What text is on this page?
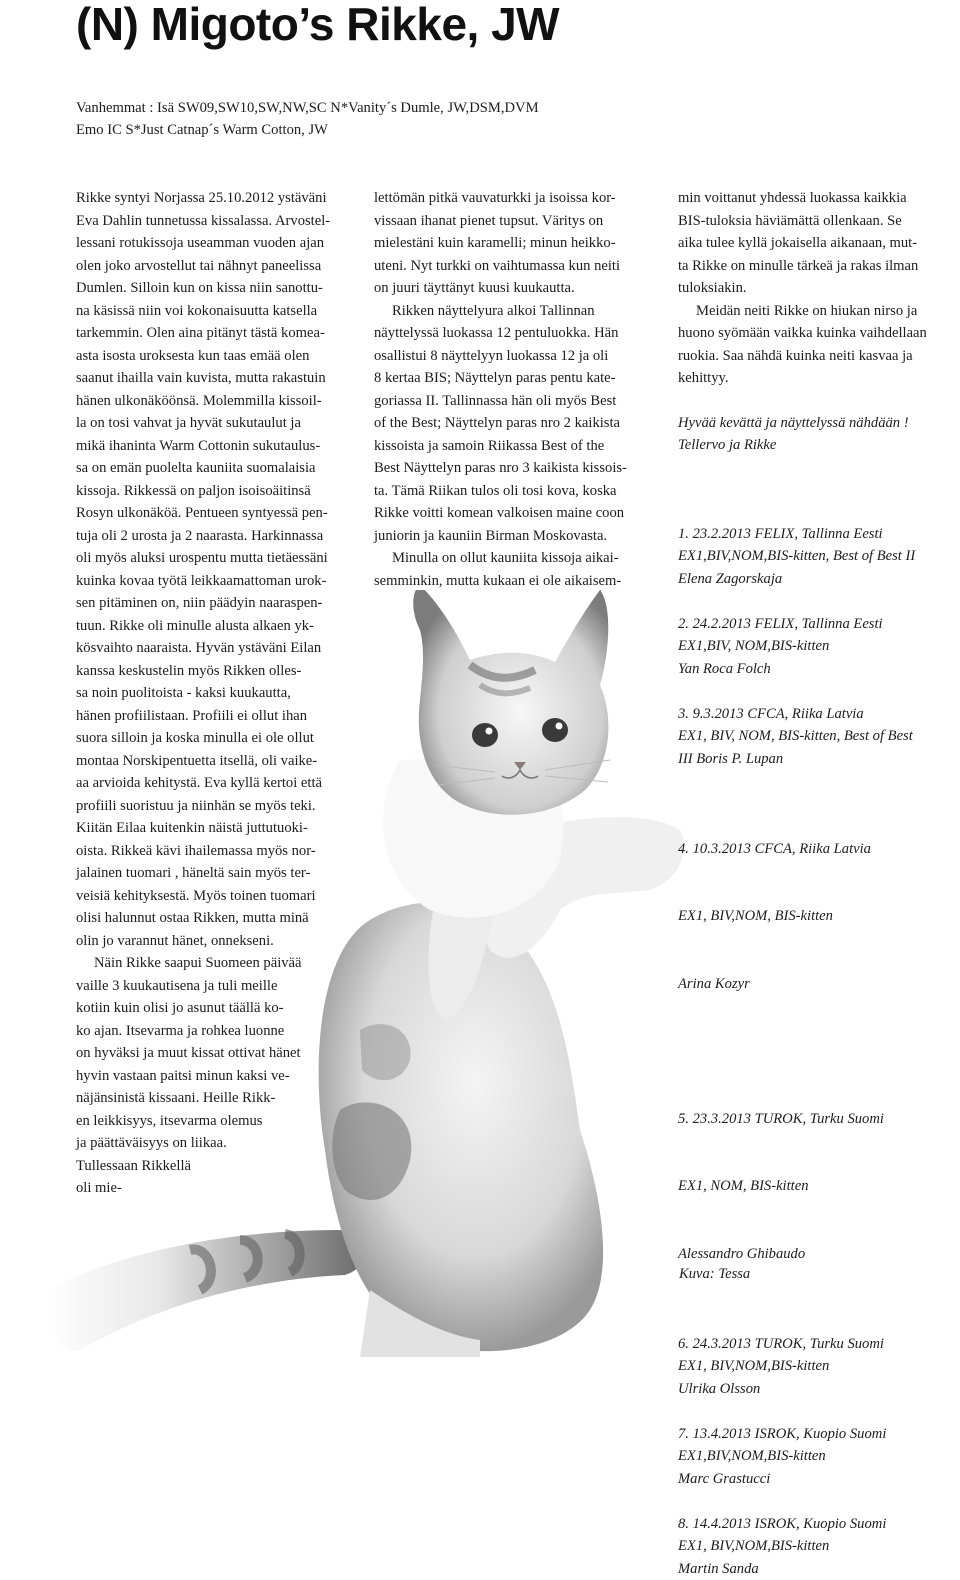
(N) Migoto’s Rikke, JW
Vanhemmat : Isä SW09,SW10,SW,NW,SC N*Vanity´s Dumle, JW,DSM,DVM
Emo IC S*Just Catnap´s Warm Cotton, JW

Rikke syntyi Norjassa 25.10.2012 ystäväni

Eva Dahlin tunnetussa kissalassa. Arvostel-

lessani rotukissoja useamman vuoden ajan

olen joko arvostellut tai nähnyt paneelissa

Dumlen. Silloin kun on kissa niin sanottu-

na käsissä niin voi kokonaisuutta katsella

tarkemmin. Olen aina pitänyt tästä komea-

asta isosta uroksesta kun taas emää olen

saanut ihailla vain kuvista, mutta rakastuin

hänen ulkonäköönsä. Molemmilla kissoil-

la on tosi vahvat ja hyvät sukutaulut ja

mikä ihaninta Warm Cottonin sukutaulus-

sa on emän puolelta kauniita suomalaisia

kissoja. Rikkessä on paljon isoisoäitinsä

Rosyn ulkonäköä. Pentueen syntyessä pen-

tuja oli 2 urosta ja 2 naarasta. Harkinnassa

oli myös aluksi urospentu mutta tietäessäni

kuinka kovaa työtä leikkaamattoman urok-

sen pitäminen on, niin päädyin naaraspen-

tuun. Rikke oli minulle alusta alkaen yk-

kösvaihto naaraista. Hyvän ystäväni Eilan

kanssa keskustelin myös Rikken olles-

sa noin puolitoista - kaksi kuukautta,

hänen profiilistaan. Profiili ei ollut ihan

suora silloin ja koska minulla ei ole ollut

montaa Norskipentuetta itsellä, oli vaike-

aa arvioida kehitystä. Eva kyllä kertoi että

profiili suoristuu ja niinhän se myös teki.

Kiitän Eilaa kuitenkin näistä juttutuoki-

oista. Rikkeä kävi ihailemassa myös nor-

jalainen tuomari , häneltä sain myös ter-

veisiä kehityksestä. Myös toinen tuomari

olisi halunnut ostaa Rikken, mutta minä

olin jo varannut hänet, onnekseni.

Näin Rikke saapui Suomeen päivää

vaille 3 kuukautisena ja tuli meille

kotiin kuin olisi jo asunut täällä ko-

ko ajan. Itsevarma ja rohkea luonne

on hyväksi ja muut kissat ottivat hänet

hyvin vastaan paitsi minun kaksi ve-

näjänsinistä kissaani. Heille Rikk-

en leikkisyys, itsevarma olemus

ja päättäväisyys on liikaa.

Tullessaan Rikkellä

oli mie-

lettömän pitkä vauvaturkki ja isoissa kor-

vissaan ihanat pienet tupsut. Väritys on

mielestäni kuin karamelli; minun heikko-

uteni. Nyt turkki on vaihtumassa kun neiti

on juuri täyttänyt kuusi kuukautta.

Rikken näyttelyura alkoi Tallinnan

näyttelyssä luokassa 12 pentuluokka. Hän

osallistui 8 näyttelyyn luokassa 12 ja oli

8 kertaa BIS; Näyttelyn paras pentu kate-

goriassa II. Tallinnassa hän oli myös Best

of the Best; Näyttelyn paras nro 2 kaikista

kissoista ja samoin Riikassa Best of the

Best Näyttelyn paras nro 3 kaikista kissois-

ta. Tämä Riikan tulos oli tosi kova, koska

Rikke voitti komean valkoisen maine coon

juniorin ja kauniin Birman Moskovasta.

Minulla on ollut kauniita kissoja aikai-

semminkin, mutta kukaan ei ole aikaisem-

min voittanut yhdessä luokassa kaikkia

BIS-tuloksia häviämättä ollenkaan. Se

aika tulee kyllä jokaisella aikanaan, mut-

ta Rikke on minulle tärkeä ja rakas ilman

tuloksiakin.

Meidän neiti Rikke on hiukan nirso ja

huono syömään vaikka kuinka vaihdellaan

ruokia. Saa nähdä kuinka neiti kasvaa ja

kehittyy.

Hyvää kevättä ja näyttelyssä nähdään !

Tellervo ja Rikke

1. 23.2.2013 FELIX, Tallinna Eesti
EX1,BIV,NOM,BIS-kitten, Best of Best II
Elena Zagorskaja
2. 24.2.2013 FELIX, Tallinna Eesti
EX1,BIV, NOM,BIS-kitten
Yan Roca Folch
3. 9.3.2013 CFCA, Riika Latvia
EX1, BIV, NOM, BIS-kitten, Best of Best
III Boris P. Lupan

4. 10.3.2013 CFCA, Riika Latvia

EX1, BIV,NOM, BIS-kitten

Arina Kozyr

5. 23.3.2013 TUROK, Turku Suomi

EX1, NOM, BIS-kitten

Alessandro Ghibaudo

6. 24.3.2013 TUROK, Turku Suomi
EX1, BIV,NOM,BIS-kitten
Ulrika Olsson
7. 13.4.2013 ISROK, Kuopio Suomi
EX1,BIV,NOM,BIS-kitten
Marc Grastucci
8. 14.4.2013 ISROK, Kuopio Suomi
EX1, BIV,NOM,BIS-kitten
Martin Sanda
Kuva: Tessa
